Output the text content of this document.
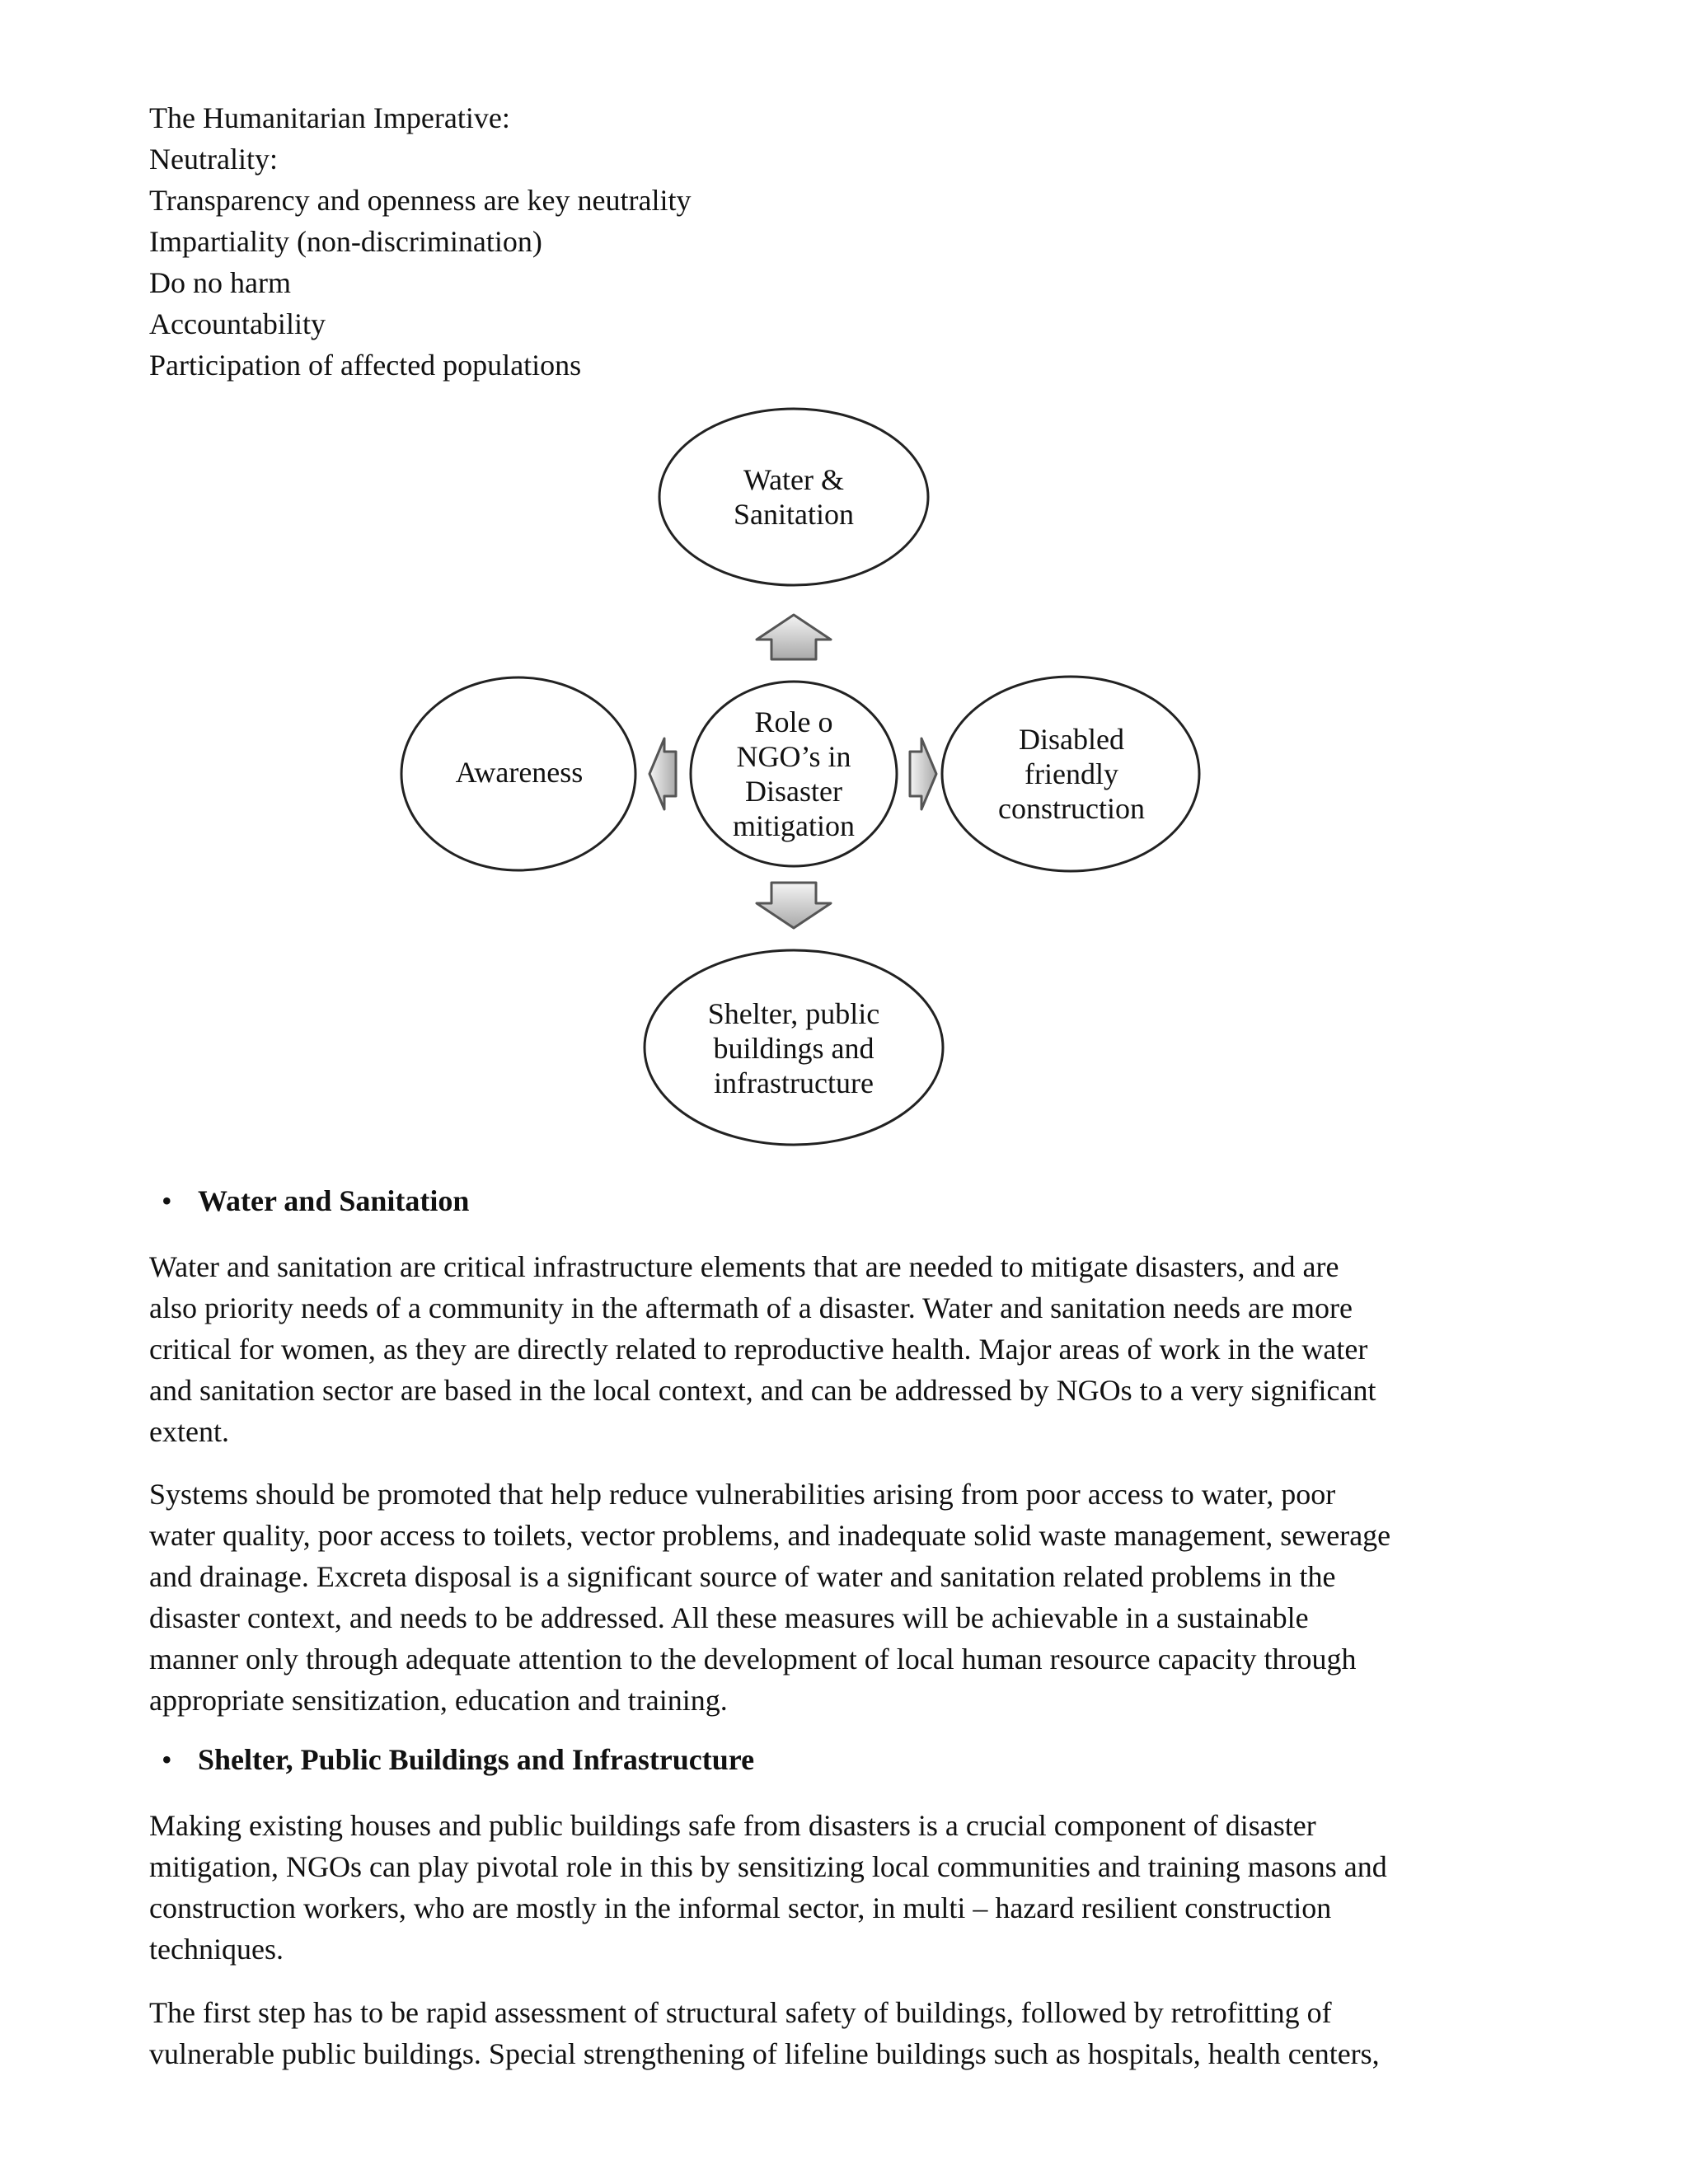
The Humanitarian Imperative:
Neutrality:
Transparency and openness are key neutrality
Impartiality (non-discrimination)
Do no harm
Accountability
Participation of affected populations
Water &
Sanitation
Role o
NGO’s in
Disaster
mitigation
Disabled
friendly
construction
Awareness
Shelter, public
buildings and
infrastructure
• Water and Sanitation
Water and sanitation are critical infrastructure elements that are needed to mitigate disasters, and are
also priority needs of a community in the aftermath of a disaster. Water and sanitation needs are more
critical for women, as they are directly related to reproductive health. Major areas of work in the water
and sanitation sector are based in the local context, and can be addressed by NGOs to a very significant
extent.
Systems should be promoted that help reduce vulnerabilities arising from poor access to water, poor
water quality, poor access to toilets, vector problems, and inadequate solid waste management, sewerage
and drainage. Excreta disposal is a significant source of water and sanitation related problems in the
disaster context, and needs to be addressed. All these measures will be achievable in a sustainable
manner only through adequate attention to the development of local human resource capacity through
appropriate sensitization, education and training.
• Shelter, Public Buildings and Infrastructure
Making existing houses and public buildings safe from disasters is a crucial component of disaster
mitigation, NGOs can play pivotal role in this by sensitizing local communities and training masons and
construction workers, who are mostly in the informal sector, in multi – hazard resilient construction
techniques.
The first step has to be rapid assessment of structural safety of buildings, followed by retrofitting of
vulnerable public buildings. Special strengthening of lifeline buildings such as hospitals, health centers,
